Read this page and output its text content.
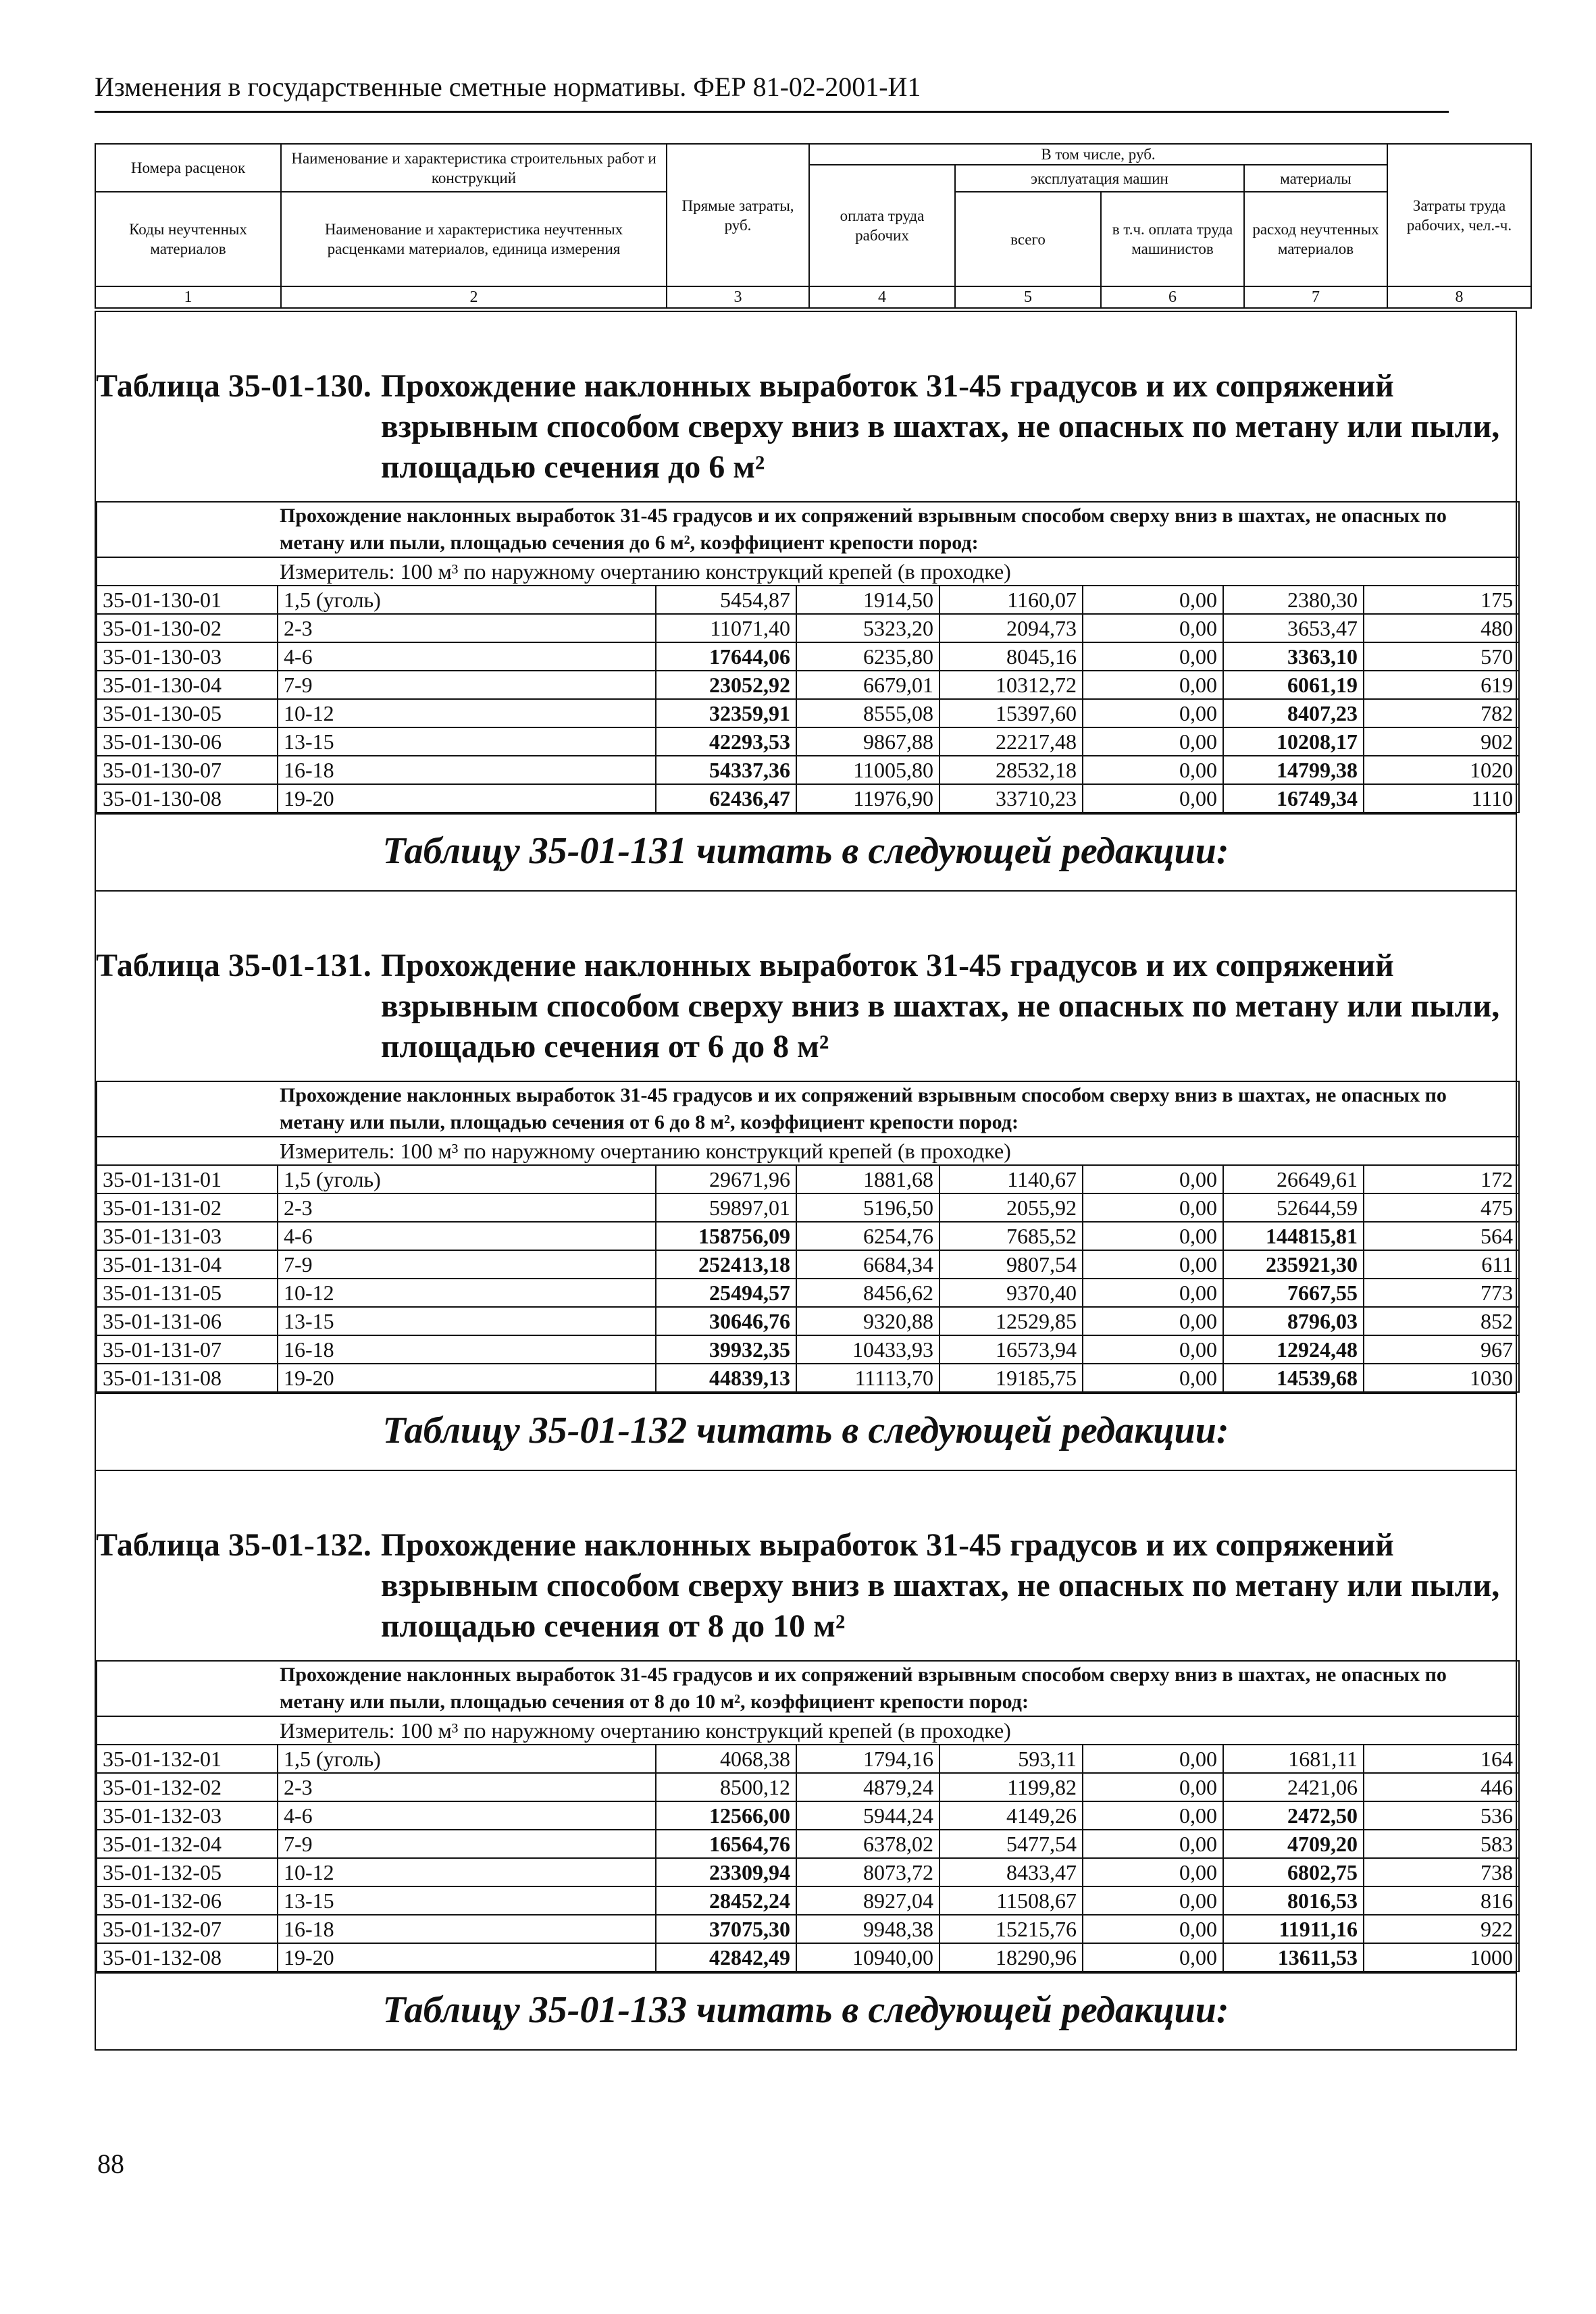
Изменения в государственные сметные нормативы. ФЕР 81-02-2001-И1
Номера расценок	Наименование и характеристика строительных работ и конструкций	Прямые затраты, руб.	В том числе, руб.				Затраты труда рабочих, чел.-ч.
			оплата труда рабочих	эксплуатация машин		материалы	
Коды неучтенных материалов	Наименование и характеристика неучтенных расценками материалов, единица измерения			всего	в т.ч. оплата труда машинистов	расход неучтенных материалов	

1	2	3	4	5	6	7	8
Таблица 35-01-130. Прохождение наклонных выработок 31-45 градусов и их сопряжений взрывным способом сверху вниз в шахтах, не опасных по метану или пыли, площадью сечения до 6 м²
Прохождение наклонных выработок 31-45 градусов и их сопряжений взрывным способом сверху вниз в шахтах, не опасных по метану или пыли, площадью сечения до 6 м², коэффициент крепости пород:							
Измеритель: 100 м³ по наружному очертанию конструкций крепей (в проходке)							
35-01-130-01	1,5 (уголь)	5454,87	1914,50	1160,07	0,00	2380,30	175
35-01-130-02	2-3	11071,40	5323,20	2094,73	0,00	3653,47	480
35-01-130-03	4-6	17644,06	6235,80	8045,16	0,00	3363,10	570
35-01-130-04	7-9	23052,92	6679,01	10312,72	0,00	6061,19	619
35-01-130-05	10-12	32359,91	8555,08	15397,60	0,00	8407,23	782
35-01-130-06	13-15	42293,53	9867,88	22217,48	0,00	10208,17	902
35-01-130-07	16-18	54337,36	11005,80	28532,18	0,00	14799,38	1020
35-01-130-08	19-20	62436,47	11976,90	33710,23	0,00	16749,34	1110
Таблицу 35-01-131 читать в следующей редакции:
Таблица 35-01-131. Прохождение наклонных выработок 31-45 градусов и их сопряжений взрывным способом сверху вниз в шахтах, не опасных по метану или пыли, площадью сечения от 6 до 8 м²
Прохождение наклонных выработок 31-45 градусов и их сопряжений взрывным способом сверху вниз в шахтах, не опасных по метану или пыли, площадью сечения от 6 до 8 м², коэффициент крепости пород:							
Измеритель: 100 м³ по наружному очертанию конструкций крепей (в проходке)							
35-01-131-01	1,5 (уголь)	29671,96	1881,68	1140,67	0,00	26649,61	172
35-01-131-02	2-3	59897,01	5196,50	2055,92	0,00	52644,59	475
35-01-131-03	4-6	158756,09	6254,76	7685,52	0,00	144815,81	564
35-01-131-04	7-9	252413,18	6684,34	9807,54	0,00	235921,30	611
35-01-131-05	10-12	25494,57	8456,62	9370,40	0,00	7667,55	773
35-01-131-06	13-15	30646,76	9320,88	12529,85	0,00	8796,03	852
35-01-131-07	16-18	39932,35	10433,93	16573,94	0,00	12924,48	967
35-01-131-08	19-20	44839,13	11113,70	19185,75	0,00	14539,68	1030
Таблицу 35-01-132 читать в следующей редакции:
Таблица 35-01-132. Прохождение наклонных выработок 31-45 градусов и их сопряжений взрывным способом сверху вниз в шахтах, не опасных по метану или пыли, площадью сечения от 8 до 10 м²
Прохождение наклонных выработок 31-45 градусов и их сопряжений взрывным способом сверху вниз в шахтах, не опасных по метану или пыли, площадью сечения от 8 до 10 м², коэффициент крепости пород:							
Измеритель: 100 м³ по наружному очертанию конструкций крепей (в проходке)							
35-01-132-01	1,5 (уголь)	4068,38	1794,16	593,11	0,00	1681,11	164
35-01-132-02	2-3	8500,12	4879,24	1199,82	0,00	2421,06	446
35-01-132-03	4-6	12566,00	5944,24	4149,26	0,00	2472,50	536
35-01-132-04	7-9	16564,76	6378,02	5477,54	0,00	4709,20	583
35-01-132-05	10-12	23309,94	8073,72	8433,47	0,00	6802,75	738
35-01-132-06	13-15	28452,24	8927,04	11508,67	0,00	8016,53	816
35-01-132-07	16-18	37075,30	9948,38	15215,76	0,00	11911,16	922
35-01-132-08	19-20	42842,49	10940,00	18290,96	0,00	13611,53	1000
Таблицу 35-01-133 читать в следующей редакции:
88
